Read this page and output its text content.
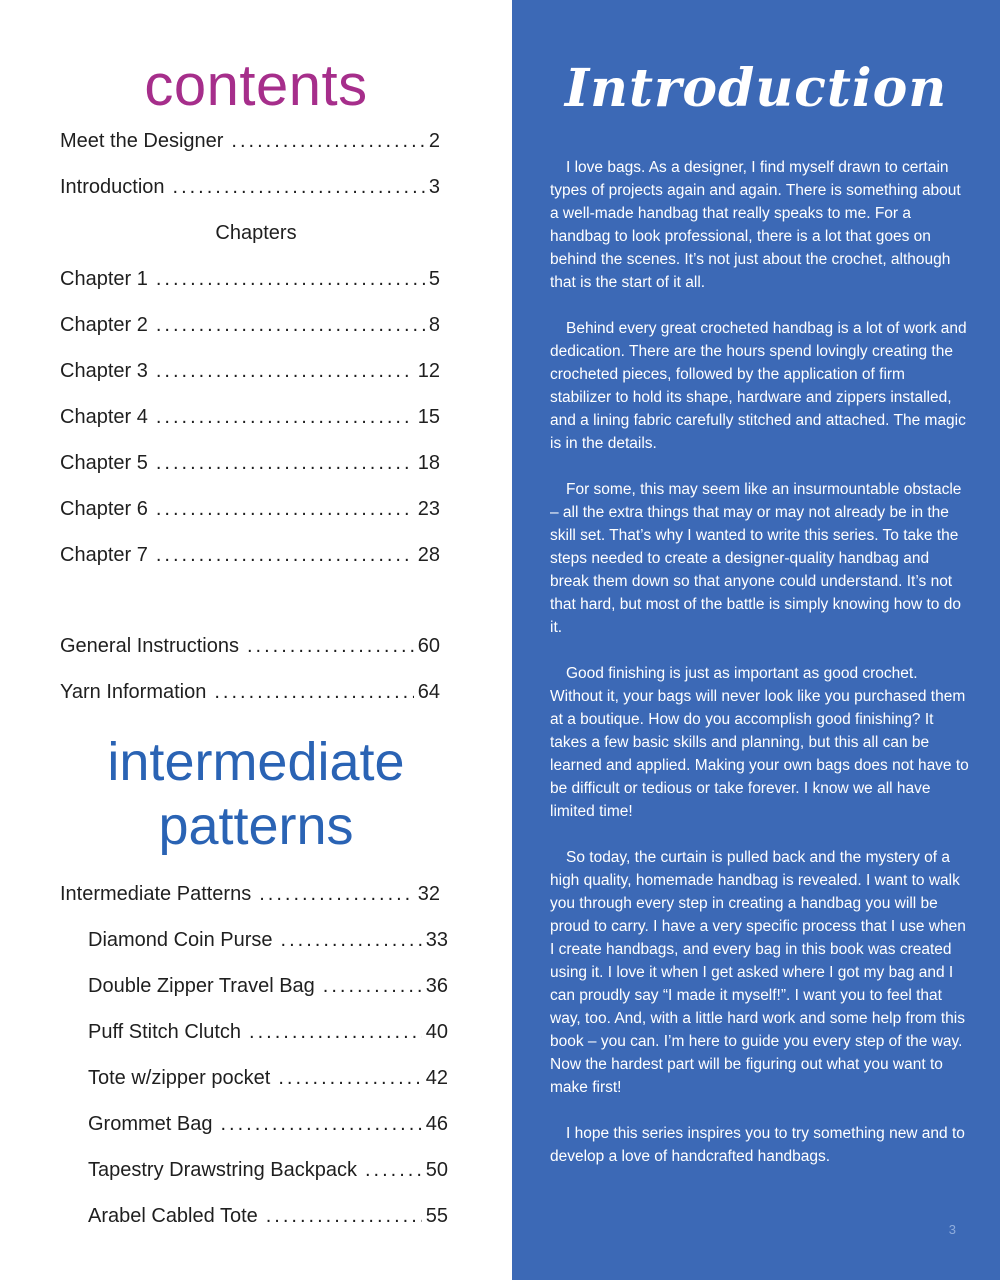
contents
Meet the Designer .....	2
Introduction .....	3
Chapters
Chapter 1 .....	5
Chapter 2 .....	8
Chapter 3 .....	12
Chapter 4 .....	15
Chapter 5 .....	18
Chapter 6 .....	23
Chapter 7 .....	28
General Instructions .....	60
Yarn Information .....	64
intermediate
patterns
Intermediate Patterns .....	32
Diamond Coin Purse .....	33
Double Zipper Travel Bag .....	36
Puff Stitch Clutch .....	40
Tote w/zipper pocket .....	42
Grommet Bag .....	46
Tapestry Drawstring Backpack .....	50
Arabel Cabled Tote .....	55
Introduction

I love bags. As a designer, I find myself drawn to certain types of projects again and again. There is something about a well-made handbag that really speaks to me. For a handbag to look professional, there is a lot that goes on behind the scenes. It’s not just about the crochet, although that is the start of it all.

Behind every great crocheted handbag is a lot of work and dedication. There are the hours spend lovingly creating the crocheted pieces, followed by the application of firm stabilizer to hold its shape, hardware and zippers installed, and a lining fabric carefully stitched and attached. The magic is in the details.

For some, this may seem like an insurmountable obstacle – all the extra things that may or may not already be in the skill set. That’s why I wanted to write this series. To take the steps needed to create a designer-quality handbag and break them down so that anyone could understand. It’s not that hard, but most of the battle is simply knowing how to do it.

Good finishing is just as important as good crochet. Without it, your bags will never look like you purchased them at a boutique. How do you accomplish good finishing? It takes a few basic skills and planning, but this all can be learned and applied. Making your own bags does not have to be difficult or tedious or take forever. I know we all have limited time!

So today, the curtain is pulled back and the mystery of a high quality, homemade handbag is revealed. I want to walk you through every step in creating a handbag you will be proud to carry. I have a very specific process that I use when I create handbags, and every bag in this book was created using it. I love it when I get asked where I got my bag and I can proudly say “I made it myself!”. I want you to feel that way, too. And, with a little hard work and some help from this book – you can. I’m here to guide you every step of the way. Now the hardest part will be figuring out what you want to make first!

I hope this series inspires you to try something new and to develop a love of handcrafted handbags.

3
